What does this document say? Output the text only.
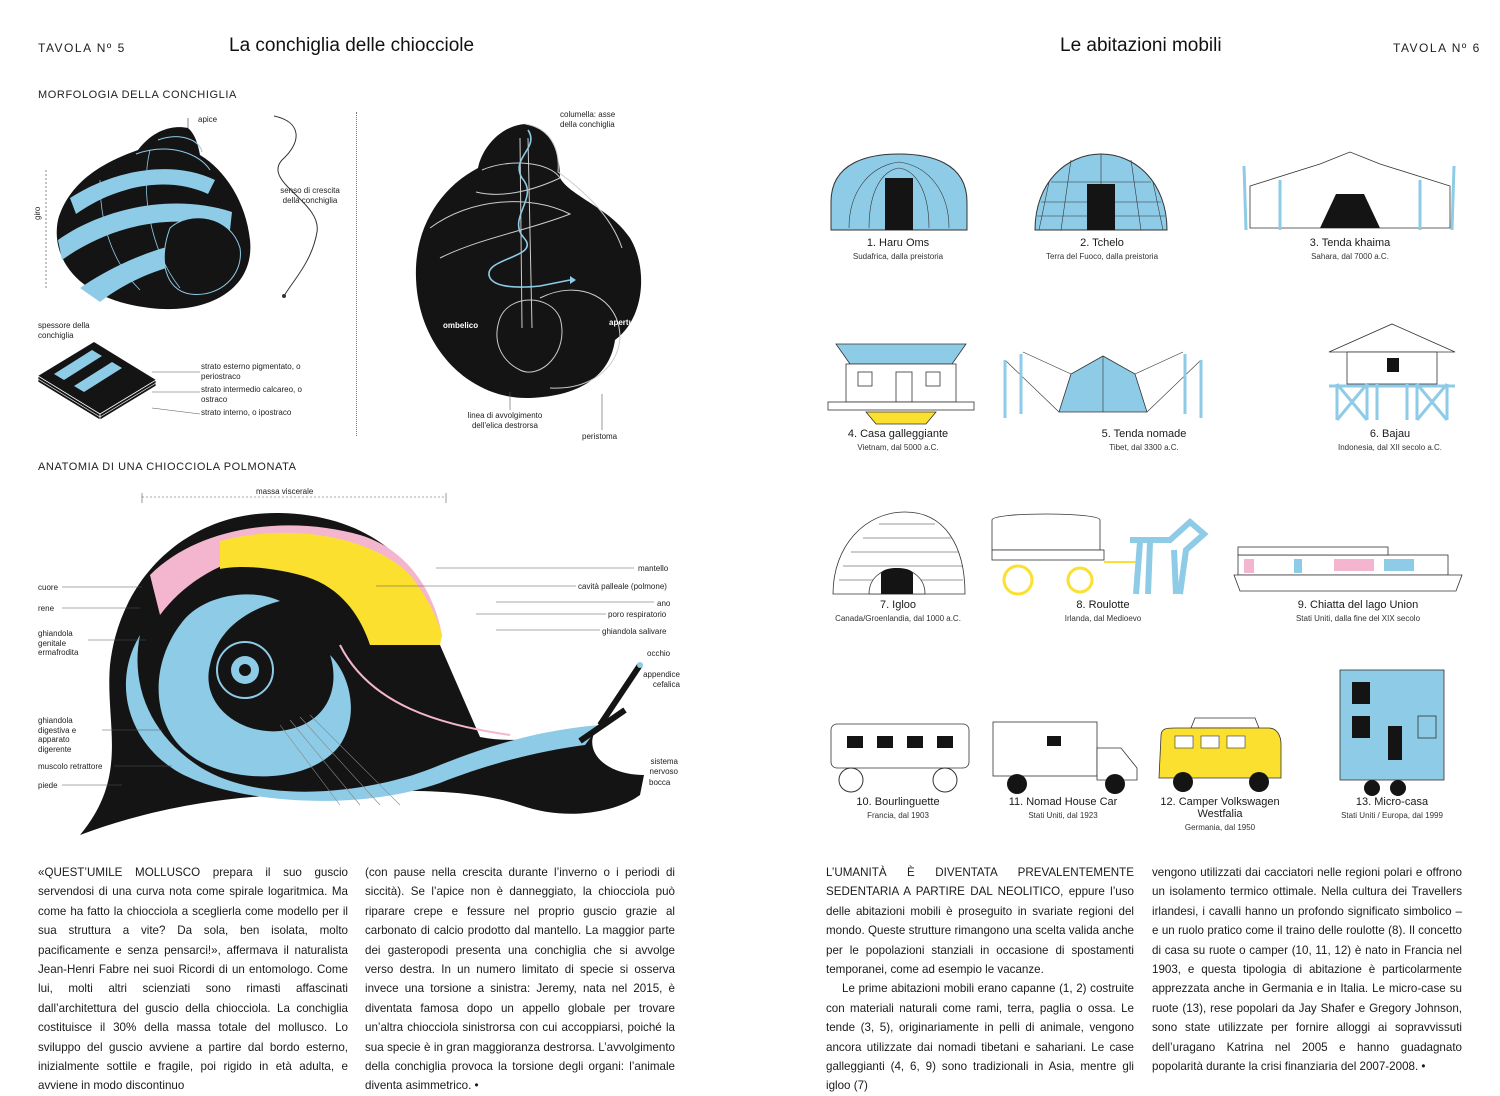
TAVOLA Nº 5	La conchiglia delle chiocciole
MORFOLOGIA DELLA CONCHIGLIA
apice
giro
senso di crescita della conchiglia
spessore della conchiglia
strato esterno pigmentato, o periostraco
strato intermedio calcareo, o ostraco
strato interno, o ipostraco
columella: asse della conchiglia
ombelico	apertura
linea di avvolgimento dell'elica destrorsa
peristoma
ANATOMIA DI UNA CHIOCCIOLA POLMONATA
massa viscerale
cuore
rene
ghiandola genitale ermafrodita
ghiandola digestiva e apparato digerente
muscolo retrattore
piede
mantello
cavità palleale (polmone)
ano
poro respiratorio
ghiandola salivare
occhio
appendice cefalica
sistema nervoso
bocca

«QUEST’UMILE MOLLUSCO prepara il suo guscio servendosi di una curva nota come spirale logaritmica. Ma come ha fatto la chiocciola a sceglierla come modello per il sua struttura a vite? Da sola, ben isolata, molto pacificamente e senza pensarci!», affermava il naturalista Jean-Henri Fabre nei suoi Ricordi di un entomologo. Come lui, molti altri scienziati sono rimasti affascinati dall’architettura del guscio della chiocciola. La conchiglia costituisce il 30% della massa totale del mollusco. Lo sviluppo del guscio avviene a partire dal bordo esterno, inizialmente sottile e fragile, poi rigido in età adulta, e avviene in modo discontinuo

(con pause nella crescita durante l’inverno o i periodi di siccità). Se l’apice non è danneggiato, la chiocciola può riparare crepe e fessure nel proprio guscio grazie al carbonato di calcio prodotto dal mantello. La maggior parte dei gasteropodi presenta una conchiglia che si avvolge verso destra. In un numero limitato di specie si osserva invece una torsione a sinistra: Jeremy, nata nel 2015, è diventata famosa dopo un appello globale per trovare un’altra chiocciola sinistrorsa con cui accoppiarsi, poiché la sua specie è in gran maggioranza destrorsa. L’avvolgimento della conchiglia provoca la torsione degli organi: l’animale diventa asimmetrico. •

Le abitazioni mobili	TAVOLA Nº 6
1. Haru Oms
Sudafrica, dalla preistoria
2. Tchelo
Terra del Fuoco, dalla preistoria
3. Tenda khaima
Sahara, dal 7000 a.C.
4. Casa galleggiante
Vietnam, dal 5000 a.C.
5. Tenda nomade
Tibet, dal 3300 a.C.
6. Bajau
Indonesia, dal XII secolo a.C.
7. Igloo
Canada/Groenlandia, dal 1000 a.C.
8. Roulotte
Irlanda, dal Medioevo
9. Chiatta del lago Union
Stati Uniti, dalla fine del XIX secolo
10. Bourlinguette
Francia, dal 1903
11. Nomad House Car
Stati Uniti, dal 1923
12. Camper Volkswagen Westfalia
Germania, dal 1950
13. Micro-casa
Stati Uniti / Europa, dal 1999

L’UMANITÀ È DIVENTATA PREVALENTEMENTE SEDENTARIA A PARTIRE DAL NEOLITICO, eppure l’uso delle abitazioni mobili è proseguito in svariate regioni del mondo. Queste strutture rimangono una scelta valida anche per le popolazioni stanziali in occasione di spostamenti temporanei, come ad esempio le vacanze.

Le prime abitazioni mobili erano capanne (1, 2) costruite con materiali naturali come rami, terra, paglia o ossa. Le tende (3, 5), originariamente in pelli di animale, vengono ancora utilizzate dai nomadi tibetani e sahariani. Le case galleggianti (4, 6, 9) sono tradizionali in Asia, mentre gli igloo (7)

vengono utilizzati dai cacciatori nelle regioni polari e offrono un isolamento termico ottimale. Nella cultura dei Travellers irlandesi, i cavalli hanno un profondo significato simbolico – e un ruolo pratico come il traino delle roulotte (8). Il concetto di casa su ruote o camper (10, 11, 12) è nato in Francia nel 1903, e questa tipologia di abitazione è particolarmente apprezzata anche in Germania e in Italia. Le micro-case su ruote (13), rese popolari da Jay Shafer e Gregory Johnson, sono state utilizzate per fornire alloggi ai sopravvissuti dell’uragano Katrina nel 2005 e hanno guadagnato popolarità durante la crisi finanziaria del 2007-2008. •
